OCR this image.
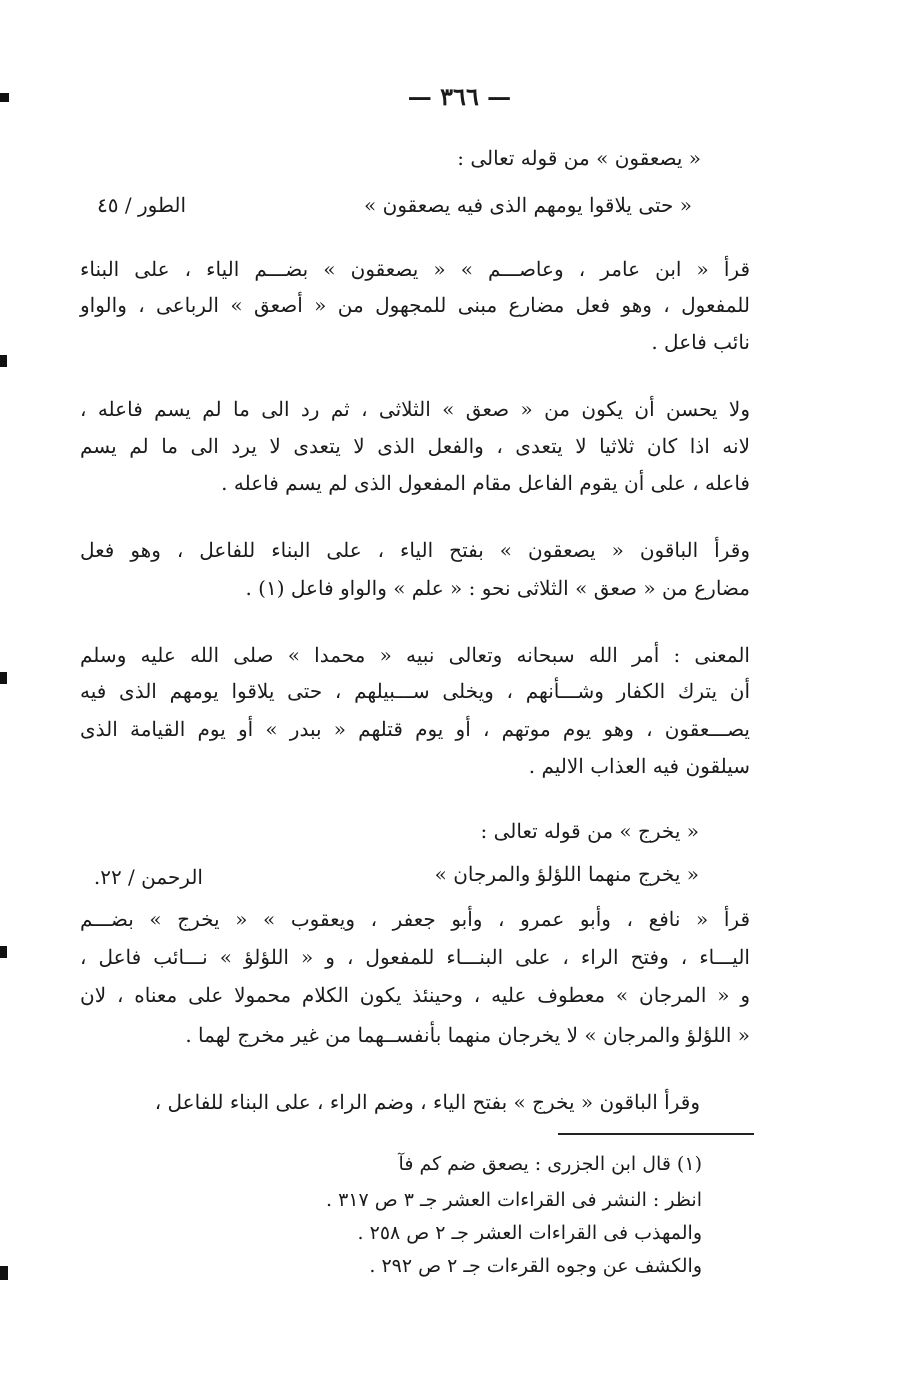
— ٣٦٦ —
« يصعقون » من قوله تعالى :
« حتى يلاقوا يومهم الذى فيه يصعقون »
الطور / ٤٥
قرأ « ابن عامر ، وعاصـــم » « يصعقون » بضـــم الياء ، على البناء
للمفعول ، وهو فعل مضارع مبنى للمجهول من « أصعق » الرباعى ، والواو
نائب فاعل .
ولا يحسن أن يكون من « صعق » الثلاثى ، ثم رد الى ما لم يسم فاعله ،
لانه اذا كان ثلاثيا لا يتعدى ، والفعل الذى لا يتعدى لا يرد الى ما لم يسم
فاعله ، على أن يقوم الفاعل مقام المفعول الذى لم يسم فاعله .
وقرأ الباقون « يصعقون » بفتح الياء ، على البناء للفاعل ، وهو فعل
مضارع من « صعق » الثلاثى نحو : « علم » والواو فاعل (١) .
المعنى : أمر الله سبحانه وتعالى نبيه « محمدا » صلى الله عليه وسلم
أن يترك الكفار وشـــأنهم ، ويخلى ســـبيلهم ، حتى يلاقوا يومهم الذى فيه
يصـــعقون ، وهو يوم موتهم ، أو يوم قتلهم « ببدر » أو يوم القيامة الذى
سيلقون فيه العذاب الاليم .
« يخرج » من قوله تعالى :
« يخرج منهما اللؤلؤ والمرجان »
الرحمن / ٢٢.
قرأ « نافع ، وأبو عمرو ، وأبو جعفر ، ويعقوب » « يخرج » بضـــم
اليـــاء ، وفتح الراء ، على البنـــاء للمفعول ، و « اللؤلؤ » نـــائب فاعل ،
و « المرجان » معطوف عليه ، وحينئذ يكون الكلام محمولا على معناه ، لان
« اللؤلؤ والمرجان » لا يخرجان منهما بأنفســهما من غير مخرج لهما .
وقرأ الباقون « يخرج » بفتح الياء ، وضم الراء ، على البناء للفاعل ،
(١) قال ابن الجزرى : يصعق ضم كم فآ
انظر : النشر فى القراءات العشر جـ ٣ ص ٣١٧ .
والمهذب فى القراءات العشر جـ ٢ ص ٢٥٨ .
والكشف عن وجوه القرءات جـ ٢ ص ٢٩٢ .
